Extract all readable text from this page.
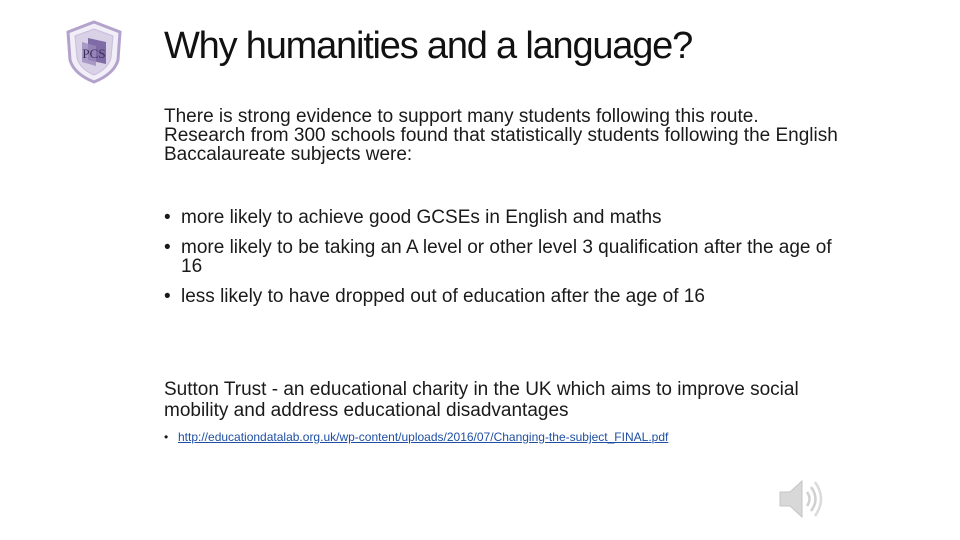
PCS Why humanities and a language?
There is strong evidence to support many students following this route. Research from 300 schools found that statistically students following the English Baccalaureate subjects were:
• more likely to achieve good GCSEs in English and maths
• more likely to be taking an A level or other level 3 qualification after the age of 16
• less likely to have dropped out of education after the age of 16
Sutton Trust - an educational charity in the UK which aims to improve social mobility and address educational disadvantages
• http://educationdatalab.org.uk/wp-content/uploads/2016/07/Changing-the-subject_FINAL.pdf
